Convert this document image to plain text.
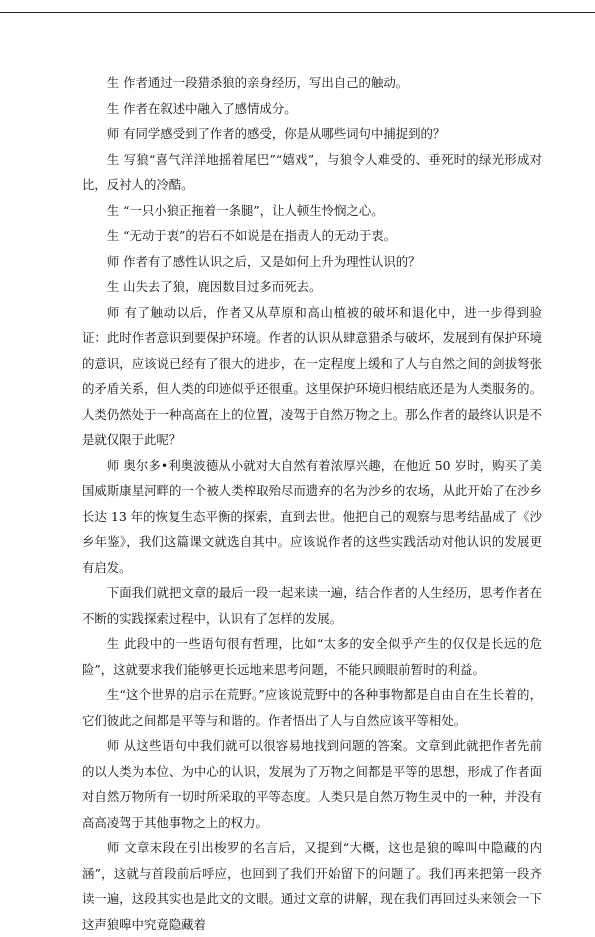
生 作者通过一段猎杀狼的亲身经历，写出自己的触动。

生 作者在叙述中融入了感情成分。

师 有同学感受到了作者的感受，你是从哪些词句中捕捉到的？

生 写狼“喜气洋洋地摇着尾巴”“嬉戏”，与狼令人难受的、垂死时的绿光形成对比，反衬人的冷酷。

生 “一只小狼正拖着一条腿”，让人顿生怜悯之心。

生 “无动于衷”的岩石不如说是在指责人的无动于衷。

师 作者有了感性认识之后，又是如何上升为理性认识的？

生 山失去了狼，鹿因数目过多而死去。

师 有了触动以后，作者又从草原和高山植被的破坏和退化中，进一步得到验证：此时作者意识到要保护环境。作者的认识从肆意猎杀与破坏，发展到有保护环境的意识，应该说已经有了很大的进步，在一定程度上缓和了人与自然之间的剑拔弩张的矛盾关系，但人类的印迹似乎还很重。这里保护环境归根结底还是为人类服务的。人类仍然处于一种高高在上的位置，凌驾于自然万物之上。那么作者的最终认识是不是就仅限于此呢？

师 奥尔多•利奥波德从小就对大自然有着浓厚兴趣，在他近 50 岁时，购买了美国威斯康星河畔的一个被人类榨取殆尽而遗弃的名为沙乡的农场，从此开始了在沙乡长达 13 年的恢复生态平衡的探索，直到去世。他把自己的观察与思考结晶成了《沙乡年鉴》，我们这篇课文就选自其中。应该说作者的这些实践活动对他认识的发展更有启发。

下面我们就把文章的最后一段一起来读一遍，结合作者的人生经历，思考作者在不断的实践探索过程中，认识有了怎样的发展。

生 此段中的一些语句很有哲理，比如“太多的安全似乎产生的仅仅是长远的危险”，这就要求我们能够更长远地来思考问题，不能只顾眼前暂时的利益。

生“这个世界的启示在荒野。”应该说荒野中的各种事物都是自由自在生长着的，它们彼此之间都是平等与和谐的。作者悟出了人与自然应该平等相处。

师 从这些语句中我们就可以很容易地找到问题的答案。文章到此就把作者先前的以人类为本位、为中心的认识，发展为了万物之间都是平等的思想，形成了作者面对自然万物所有一切时所采取的平等态度。人类只是自然万物生灵中的一种，并没有高高凌驾于其他事物之上的权力。

师 文章末段在引出梭罗的名言后，又提到“大概，这也是狼的嗥叫中隐藏的内涵”，这就与首段前后呼应，也回到了我们开始留下的问题了。我们再来把第一段齐读一遍，这段其实也是此文的文眼。通过文章的讲解，现在我们再回过头来领会一下这声狼嗥中究竟隐藏着
